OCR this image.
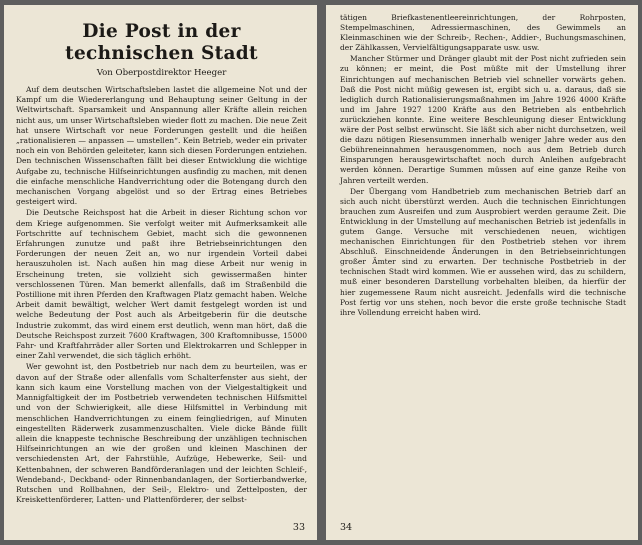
Die Post in der technischen Stadt
Von Oberpostdirektor Heeger

Auf dem deutschen Wirtschaftsleben lastet die allgemeine Not und der Kampf um die Wiedererlangung und Behauptung seiner Geltung in der Weltwirtschaft. Sparsamkeit und Anspannung aller Kräfte allein reichen nicht aus, um unser Wirtschaftsleben wieder flott zu machen. Die neue Zeit hat unsere Wirtschaft vor neue Forderungen gestellt und die heißen „rationalisieren — anpassen — umstellen“. Kein Betrieb, weder ein privater noch ein von Behörden geleiteter, kann sich diesen Forderungen entziehen. Den technischen Wissenschaften fällt bei dieser Entwicklung die wichtige Aufgabe zu, technische Hilfseinrichtungen ausfindig zu machen, mit denen die einfache menschliche Handverrichtung oder die Botengang durch den mechanischen Vorgang abgelöst und so der Ertrag eines Betriebes gesteigert wird.

Die Deutsche Reichspost hat die Arbeit in dieser Richtung schon vor dem Kriege aufgenommen. Sie verfolgt weiter mit Aufmerksamkeit alle Fortschritte auf technischem Gebiet, macht sich die gewonnenen Erfahrungen zunutze und paßt ihre Betriebseinrichtungen den Forderungen der neuen Zeit an, wo nur irgendein Vorteil dabei herauszuholen ist. Nach außen hin mag diese Arbeit nur wenig in Erscheinung treten, sie vollzieht sich gewissermaßen hinter verschlossenen Türen. Man bemerkt allenfalls, daß im Straßenbild die Postillione mit ihren Pferden den Kraftwagen Platz gemacht haben. Welche Arbeit damit bewältigt, welcher Wert damit festgelegt worden ist und welche Bedeutung der Post auch als Arbeitgeberin für die deutsche Industrie zukommt, das wird einem erst deutlich, wenn man hört, daß die Deutsche Reichspost zurzeit 7600 Kraftwagen, 300 Kraftomnibusse, 15000 Fahr- und Kraftfahrräder aller Sorten und Elektrokarren und Schlepper in einer Zahl verwendet, die sich täglich erhöht.

Wer gewohnt ist, den Postbetrieb nur nach dem zu beurteilen, was er davon auf der Straße oder allenfalls vom Schalterfenster aus sieht, der kann sich kaum eine Vorstellung machen von der Vielgestaltigkeit und Mannigfaltigkeit der im Postbetrieb verwendeten technischen Hilfsmittel und von der Schwierigkeit, alle diese Hilfsmittel in Verbindung mit menschlichen Handverrichtungen zu einem feingliedrigen, auf Minuten eingestellten Räderwerk zusammenzuschalten. Viele dicke Bände füllt allein die knappeste technische Beschreibung der unzähligen technischen Hilfseinrichtungen an wie der großen und kleinen Maschinen der verschiedensten Art, der Fahrstühle, Aufzüge, Hebewerke, Seil- und Kettenbahnen, der schweren Bandförderanlagen und der leichten Schleif-, Wendeband-, Deckband- oder Rinnenbandanlagen, der Sortierbandwerke, Rutschen und Rollbahnen, der Seil-, Elektro- und Zettelposten, der Kreiskettenförderer, Latten- und Plattenförderer, der selbst-

33

tätigen Briefkastenentleereinrichtungen, der Rohrposten, Stempelmaschinen, Adressiermaschinen, des Gewimmels an Kleinmaschinen wie der Schreib-, Rechen-, Addier-, Buchungsmaschinen, der Zählkassen, Vervielfältigungsapparate usw. usw.

Mancher Stürmer und Dränger glaubt mit der Post nicht zufrieden sein zu können; er meint, die Post müßte mit der Umstellung ihrer Einrichtungen auf mechanischen Betrieb viel schneller vorwärts gehen. Daß die Post nicht müßig gewesen ist, ergibt sich u. a. daraus, daß sie lediglich durch Rationalisierungsmaßnahmen im Jahre 1926 4000 Kräfte und im Jahre 1927 1200 Kräfte aus den Betrieben als entbehrlich zurückziehen konnte. Eine weitere Beschleunigung dieser Entwicklung wäre der Post selbst erwünscht. Sie läßt sich aber nicht durchsetzen, weil die dazu nötigen Riesensummen innerhalb weniger Jahre weder aus den Gebühreneinnahmen herausgenommen, noch aus dem Betrieb durch Einsparungen herausgewirtschaftet noch durch Anleihen aufgebracht werden können. Derartige Summen müssen auf eine ganze Reihe von Jahren verteilt werden.

Der Übergang vom Handbetrieb zum mechanischen Betrieb darf an sich auch nicht überstürzt werden. Auch die technischen Einrichtungen brauchen zum Ausreifen und zum Ausprobiert werden geraume Zeit. Die Entwicklung in der Umstellung auf mechanischen Betrieb ist jedenfalls in gutem Gange. Versuche mit verschiedenen neuen, wichtigen mechanischen Einrichtungen für den Postbetrieb stehen vor ihrem Abschluß. Einschneidende Änderungen in den Betriebseinrichtungen großer Ämter sind zu erwarten. Der technische Postbetrieb in der technischen Stadt wird kommen. Wie er aussehen wird, das zu schildern, muß einer besonderen Darstellung vorbehalten bleiben, da hierfür der hier zugemessene Raum nicht ausreicht. Jedenfalls wird die technische Post fertig vor uns stehen, noch bevor die erste große technische Stadt ihre Vollendung erreicht haben wird.

34
